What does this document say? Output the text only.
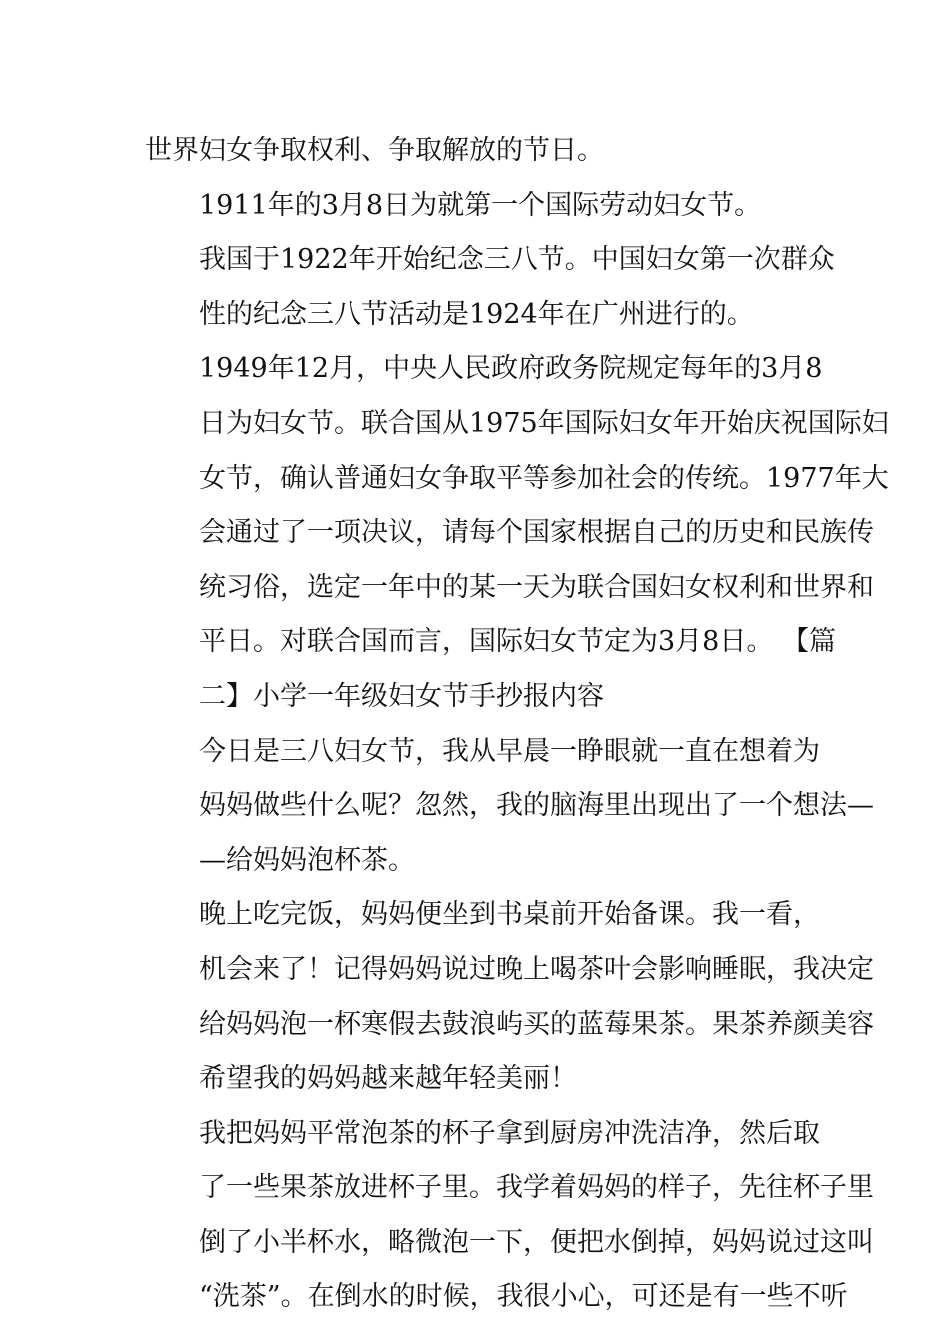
世界妇女争取权利、争取解放的节日。

1911年的3月8日为就第一个国际劳动妇女节。

我国于1922年开始纪念三八节。中国妇女第一次群众
性的纪念三八节活动是1924年在广州进行的。

1949年12月，中央人民政府政务院规定每年的3月8
日为妇女节。联合国从1975年国际妇女年开始庆祝国际妇
女节，确认普通妇女争取平等参加社会的传统。1977年大
会通过了一项决议，请每个国家根据自己的历史和民族传
统习俗，选定一年中的某一天为联合国妇女权利和世界和
平日。对联合国而言，国际妇女节定为3月8日。 【篇
二】小学一年级妇女节手抄报内容

今日是三八妇女节，我从早晨一睁眼就一直在想着为
妈妈做些什么呢？忽然，我的脑海里出现出了一个想法—
—给妈妈泡杯茶。

晚上吃完饭，妈妈便坐到书桌前开始备课。我一看，
机会来了！记得妈妈说过晚上喝茶叶会影响睡眠，我决定
给妈妈泡一杯寒假去鼓浪屿买的蓝莓果茶。果茶养颜美容
希望我的妈妈越来越年轻美丽！

我把妈妈平常泡茶的杯子拿到厨房冲洗洁净，然后取
了一些果茶放进杯子里。我学着妈妈的样子，先往杯子里
倒了小半杯水，略微泡一下，便把水倒掉，妈妈说过这叫
“洗茶”。在倒水的时候，我很小心，可还是有一些不听
